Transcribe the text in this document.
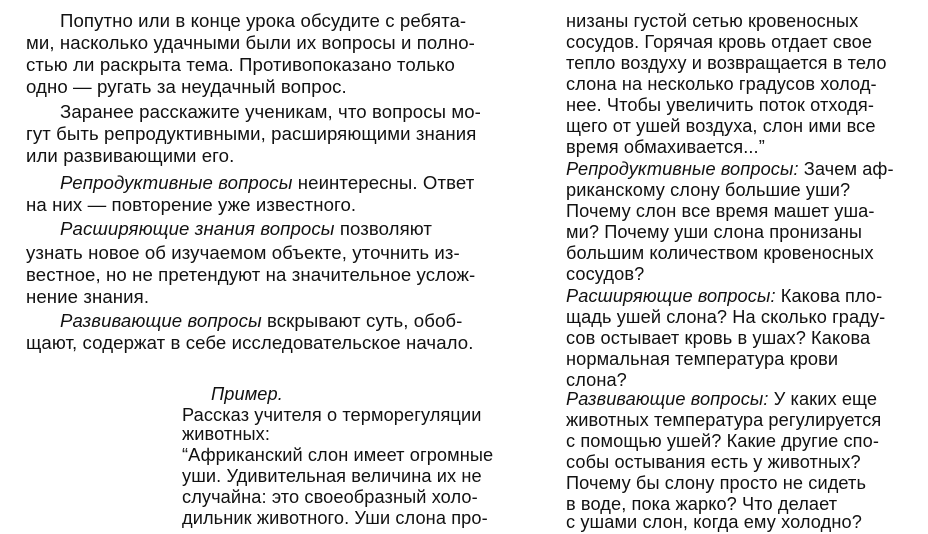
Попутно или в конце урока обсудите с ребята-
ми, насколько удачными были их вопросы и полно-
стью ли раскрыта тема. Противопоказано только
одно — ругать за неудачный вопрос.
Заранее расскажите ученикам, что вопросы мо-
гут быть репродуктивными, расширяющими знания
или развивающими его.
Репродуктивные вопросы неинтересны. Ответ
на них — повторение уже известного.
Расширяющие знания вопросы позволяют
узнать новое об изучаемом объекте, уточнить из-
вестное, но не претендуют на значительное услож-
нение знания.
Развивающие вопросы вскрывают суть, обоб-
щают, содержат в себе исследовательское начало.
Пример.
Рассказ учителя о терморегуляции
животных:
“Африканский слон имеет огромные
уши. Удивительная величина их не
случайна: это своеобразный холо-
дильник животного. Уши слона про-
низаны густой сетью кровеносных
сосудов. Горячая кровь отдает свое
тепло воздуху и возвращается в тело
слона на несколько градусов холод-
нее. Чтобы увеличить поток отходя-
щего от ушей воздуха, слон ими все
время обмахивается...”
Репродуктивные вопросы: Зачем аф-
риканскому слону большие уши?
Почему слон все время машет уша-
ми? Почему уши слона пронизаны
большим количеством кровеносных
сосудов?
Расширяющие вопросы: Какова пло-
щадь ушей слона? На сколько граду-
сов остывает кровь в ушах? Какова
нормальная температура крови
слона?
Развивающие вопросы: У каких еще
животных температура регулируется
с помощью ушей? Какие другие спо-
собы остывания есть у животных?
Почему бы слону просто не сидеть
в воде, пока жарко? Что делает
с ушами слон, когда ему холодно?
